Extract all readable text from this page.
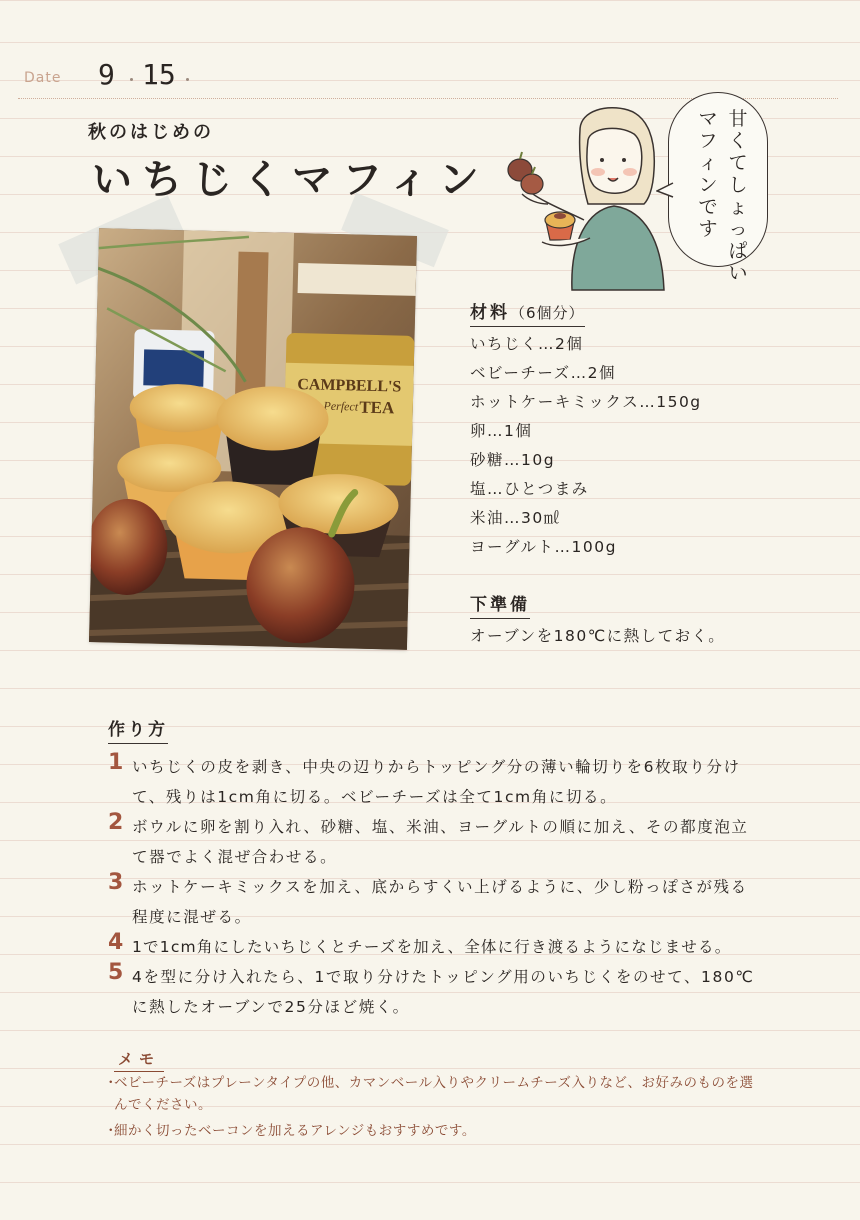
Date 9 15
秋のはじめの
いちじくマフィン
CAMPBELL'S
Perfect TEA
甘くてしょっぱい
マフィンです
材料（6個分）
いちじく…2個
ベビーチーズ…2個
ホットケーキミックス…150g
卵…1個
砂糖…10g
塩…ひとつまみ
米油…30㎖
ヨーグルト…100g
下準備
オーブンを180℃に熱しておく。
作り方
1 いちじくの皮を剥き、中央の辺りからトッピング分の薄い輪切りを6枚取り分けて、残りは1cm角に切る。ベビーチーズは全て1cm角に切る。
2 ボウルに卵を割り入れ、砂糖、塩、米油、ヨーグルトの順に加え、その都度泡立て器でよく混ぜ合わせる。
3 ホットケーキミックスを加え、底からすくい上げるように、少し粉っぽさが残る程度に混ぜる。
4 1で1cm角にしたいちじくとチーズを加え、全体に行き渡るようになじませる。
5 4を型に分け入れたら、1で取り分けたトッピング用のいちじくをのせて、180℃に熱したオーブンで25分ほど焼く。
メモ
・
ベビーチーズはプレーンタイプの他、カマンベール入りやクリームチーズ入りなど、お好みのものを選んでください。
・
細かく切ったベーコンを加えるアレンジもおすすめです。
